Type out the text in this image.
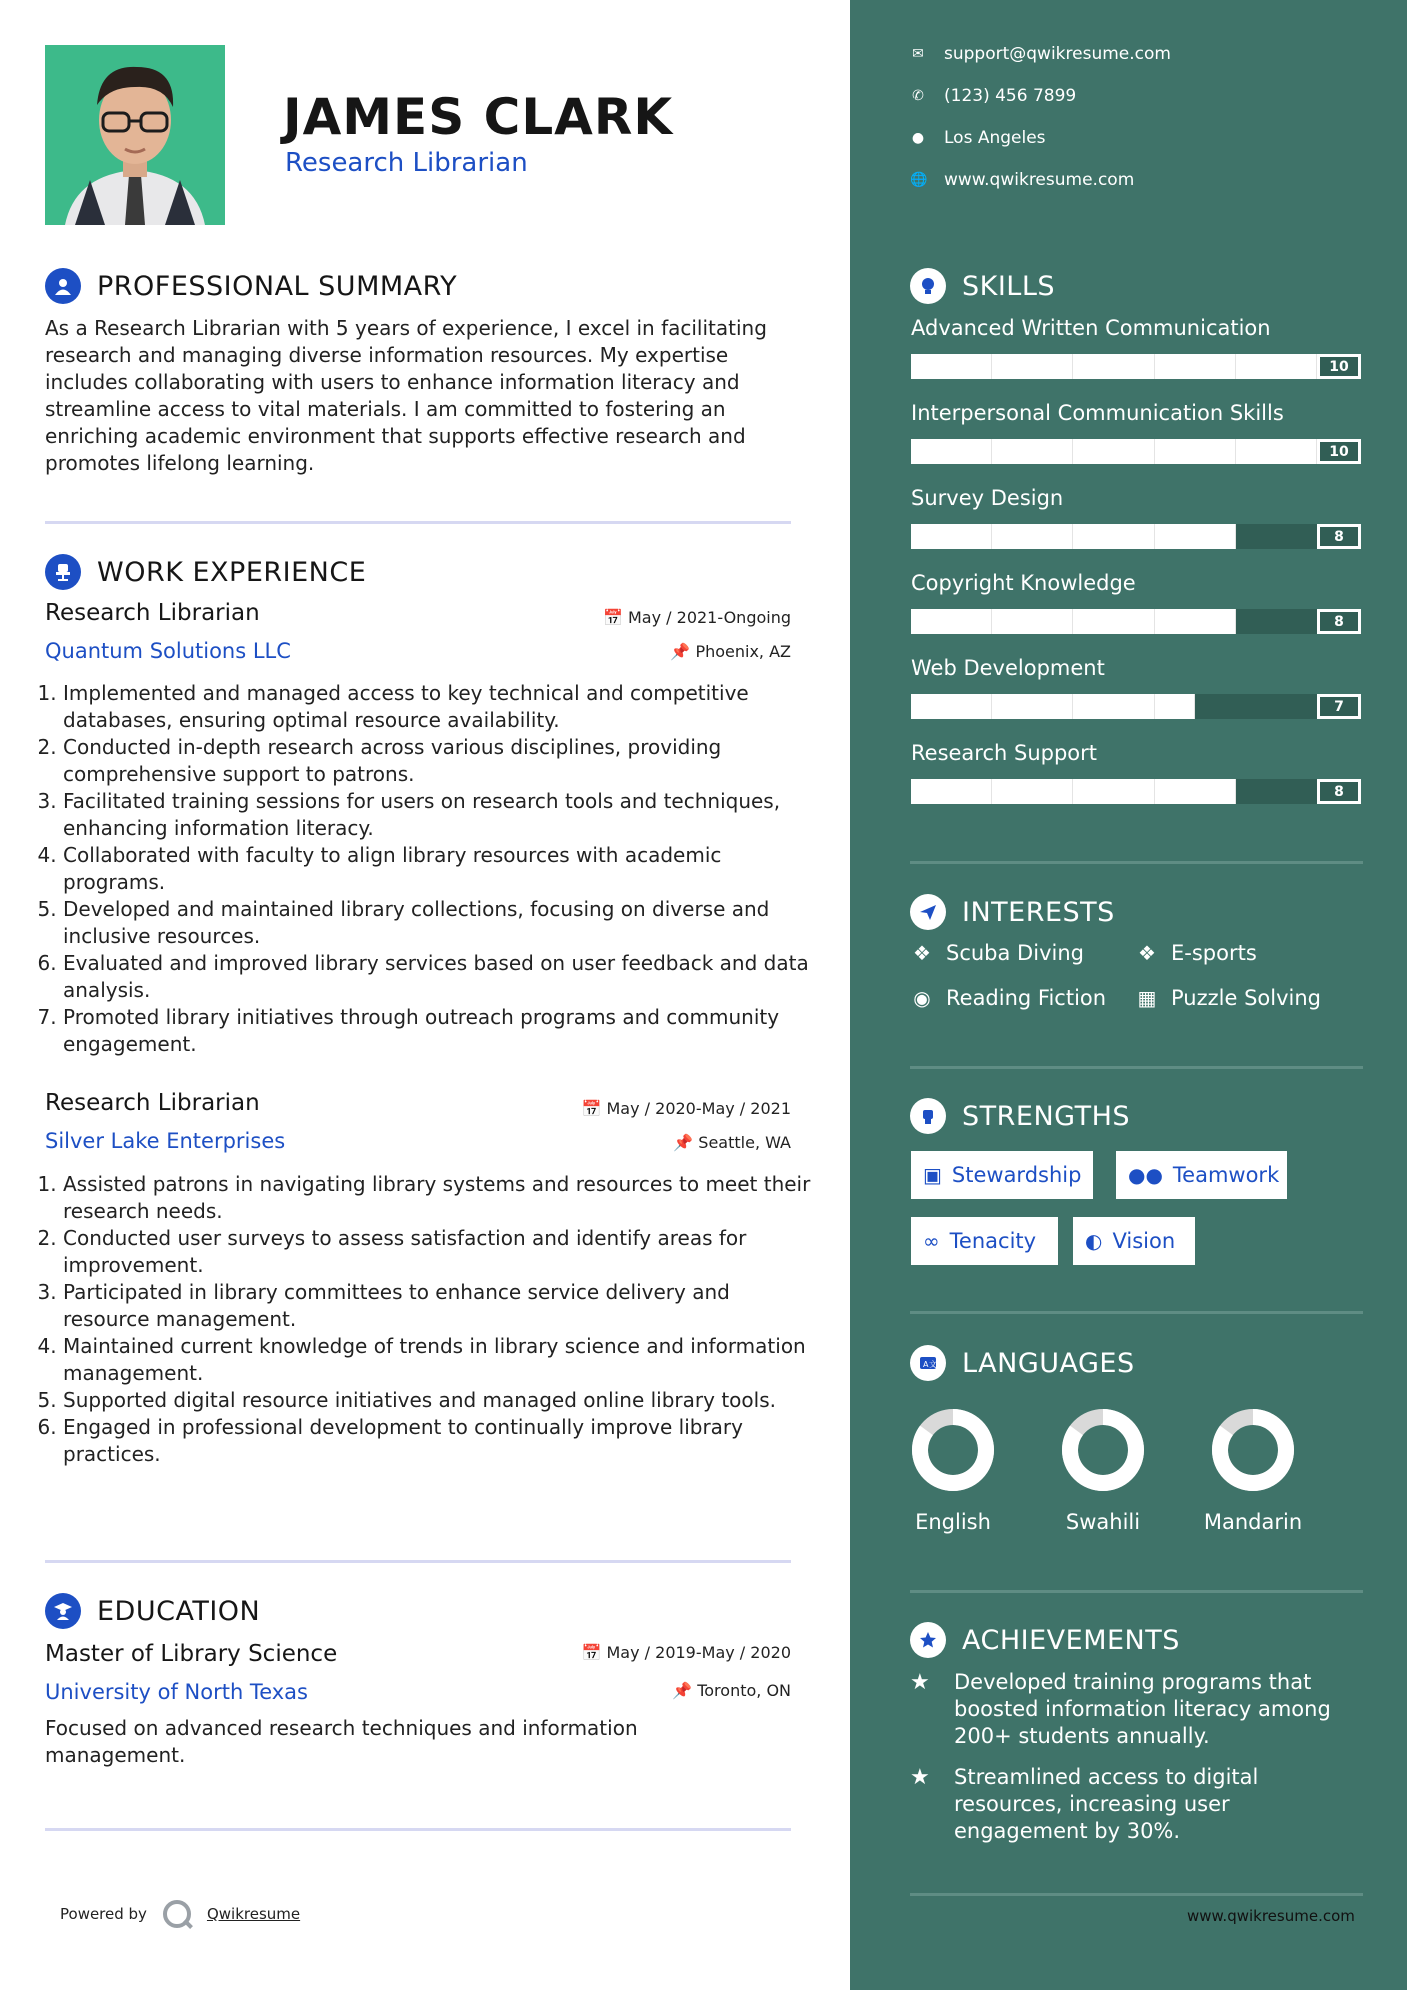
JAMES CLARK
Research Librarian
PROFESSIONAL SUMMARY
As a Research Librarian with 5 years of experience, I excel in facilitating research and managing diverse information resources. My expertise includes collaborating with users to enhance information literacy and streamline access to vital materials. I am committed to fostering an enriching academic environment that supports effective research and promotes lifelong learning.
WORK EXPERIENCE
Research Librarian
Quantum Solutions LLC
📅 May / 2021-Ongoing
📌 Phoenix, AZ
1. Implemented and managed access to key technical and competitive databases, ensuring optimal resource availability.
2. Conducted in-depth research across various disciplines, providing comprehensive support to patrons.
3. Facilitated training sessions for users on research tools and techniques, enhancing information literacy.
4. Collaborated with faculty to align library resources with academic programs.
5. Developed and maintained library collections, focusing on diverse and inclusive resources.
6. Evaluated and improved library services based on user feedback and data analysis.
7. Promoted library initiatives through outreach programs and community engagement.
Research Librarian
Silver Lake Enterprises
📅 May / 2020-May / 2021
📌 Seattle, WA
1. Assisted patrons in navigating library systems and resources to meet their research needs.
2. Conducted user surveys to assess satisfaction and identify areas for improvement.
3. Participated in library committees to enhance service delivery and resource management.
4. Maintained current knowledge of trends in library science and information management.
5. Supported digital resource initiatives and managed online library tools.
6. Engaged in professional development to continually improve library practices.
EDUCATION
Master of Library Science
University of North Texas
📅 May / 2019-May / 2020
📌 Toronto, ON
Focused on advanced research techniques and information management.
Powered by	Qwikresume
✉ support@qwikresume.com
✆ (123) 456 7899
● Los Angeles
🌐 www.qwikresume.com
SKILLS
Advanced Written Communication
10
Interpersonal Communication Skills
10
Survey Design
8
Copyright Knowledge
8
Web Development
7
Research Support
8
INTERESTS
❖ Scuba Diving	❖ E-sports
◉ Reading Fiction ▦ Puzzle Solving
STRENGTHS
▣ Stewardship ●● Teamwork
∞ Tenacity ◐ Vision
A 文 LANGUAGES
English	Swahili	Mandarin
ACHIEVEMENTS
★	Developed training programs that boosted information literacy among 200+ students annually.
★	Streamlined access to digital resources, increasing user engagement by 30%.
www.qwikresume.com
